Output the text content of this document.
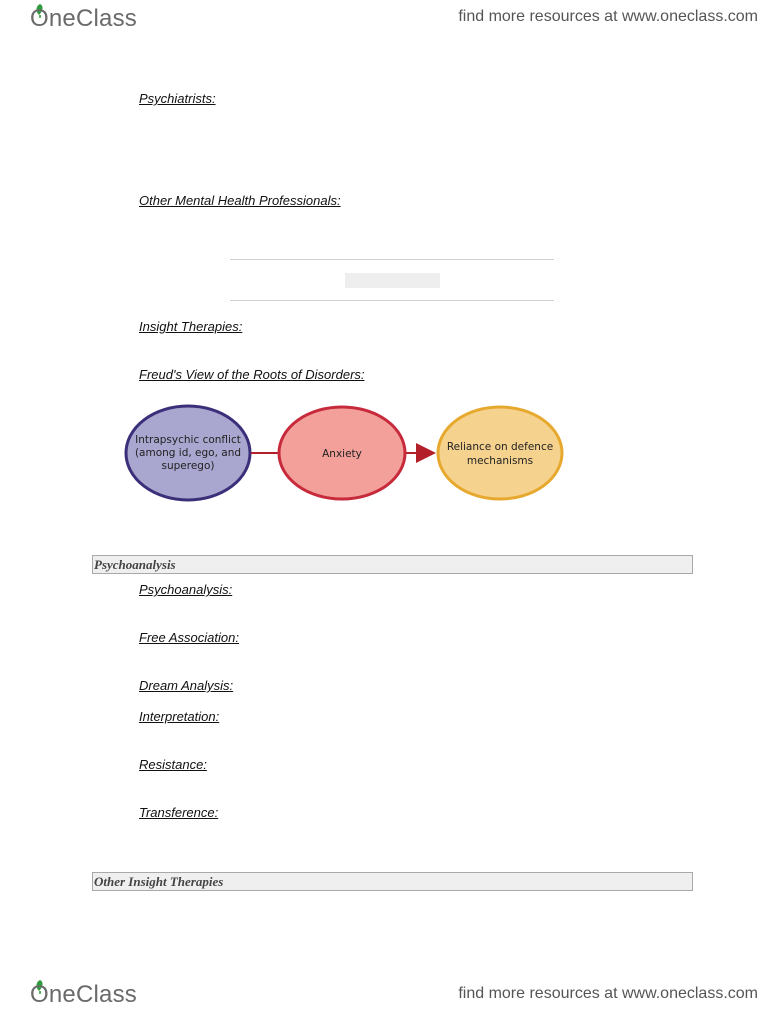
OneClass	find more resources at www.oneclass.com
Psychiatrists:
Other Mental Health Professionals:
Insight Therapies:
Freud's View of the Roots of Disorders:
Intrapsychic conflict
(among id, ego, and
superego)
Anxiety
Reliance on defence
mechanisms
Psychoanalysis
Psychoanalysis:
Free Association:
Dream Analysis:
Interpretation:
Resistance:
Transference:
Other Insight Therapies
OneClass	find more resources at www.oneclass.com
